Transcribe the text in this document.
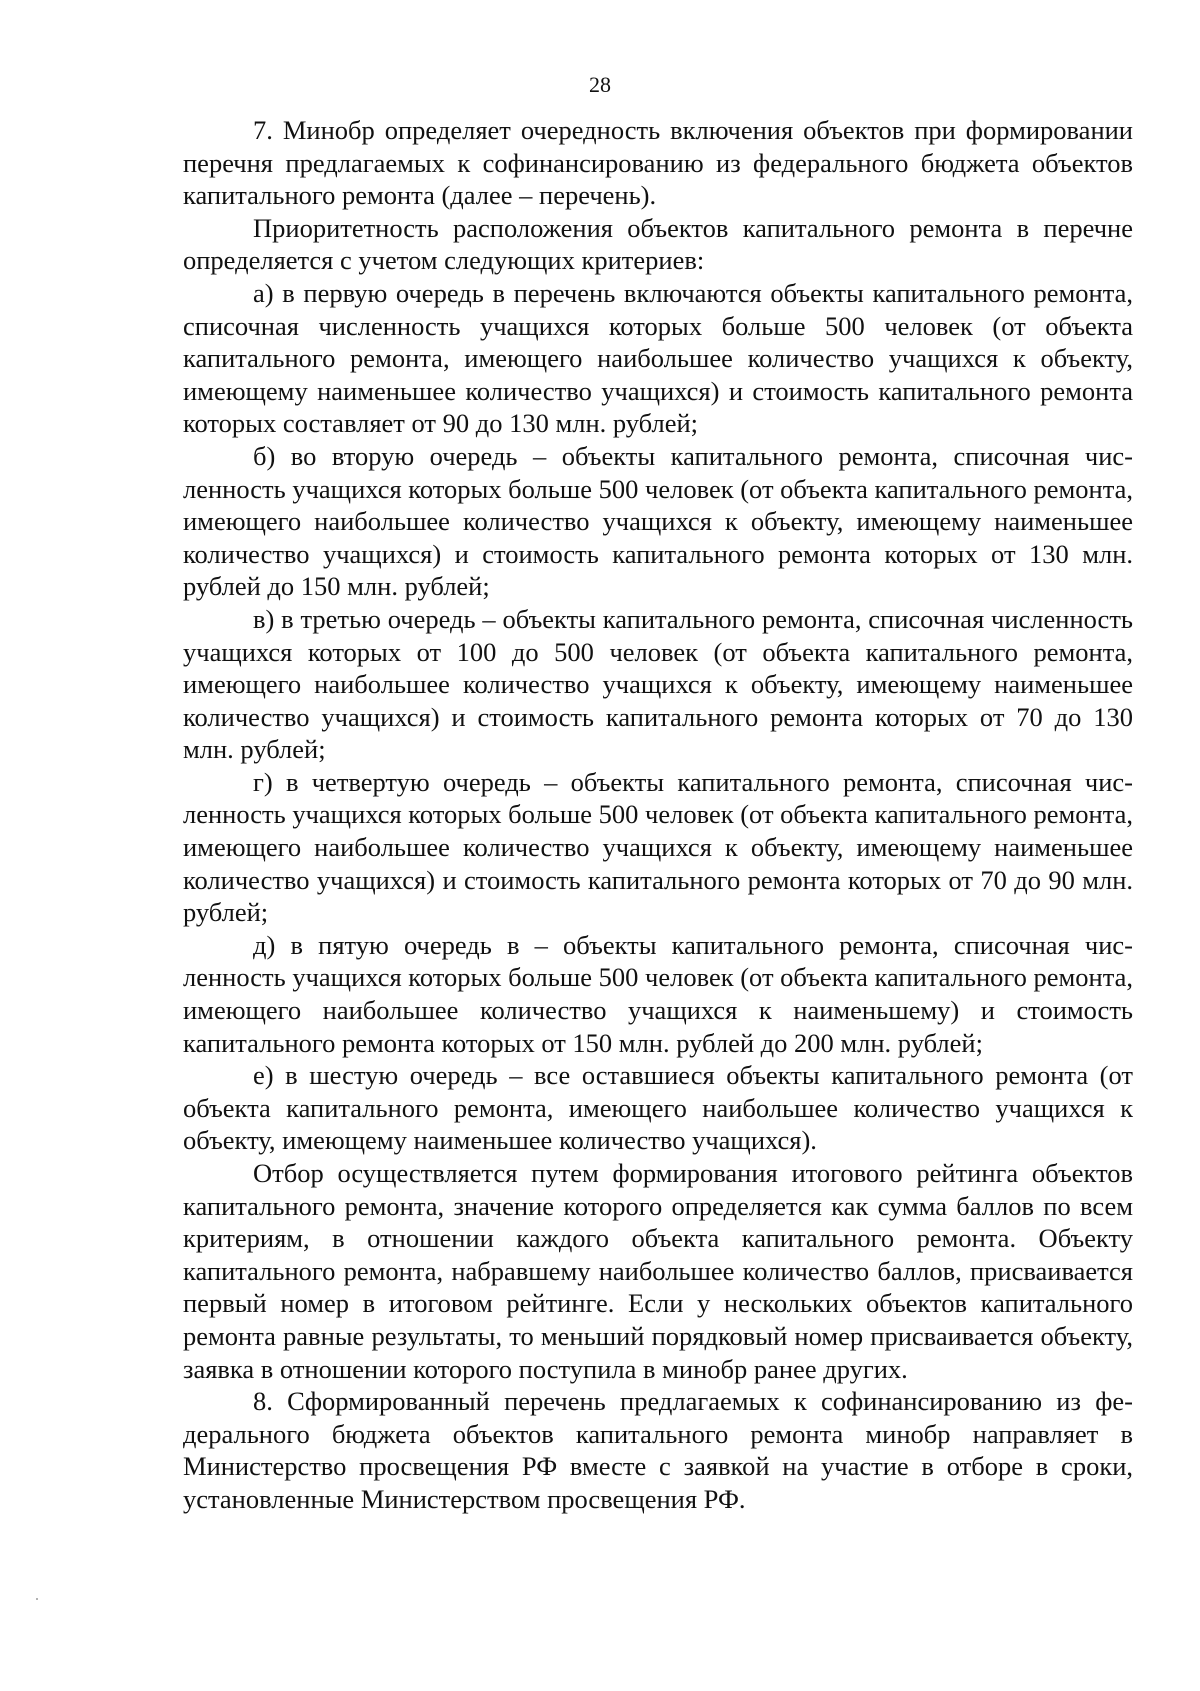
28

7. Минобр определяет очередность включения объектов при формировании перечня предлагаемых к софинансированию из федерального бюджета объектов капитального ремонта (далее – перечень).

Приоритетность расположения объектов капитального ремонта в перечне определяется с учетом следующих критериев:

а) в первую очередь в перечень включаются объекты капитального ремонта, списочная численность учащихся которых больше 500 человек (от объекта капитального ремонта, имеющего наибольшее количество учащихся к объекту, имеющему наименьшее количество учащихся) и стоимость капитального ремонта которых составляет от 90 до 130 млн. рублей;

б) во вторую очередь – объекты капитального ремонта, списочная численность учащихся которых больше 500 человек (от объекта капитального ремонта, имеющего наибольшее количество учащихся к объекту, имеющему наименьшее количество учащихся) и стоимость капитального ремонта которых от 130 млн. рублей до 150 млн. рублей;

в) в третью очередь – объекты капитального ремонта, списочная численность учащихся которых от 100 до 500 человек (от объекта капитального ремонта, имеющего наибольшее количество учащихся к объекту, имеющему наименьшее количество учащихся) и стоимость капитального ремонта которых от 70 до 130 млн. рублей;

г) в четвертую очередь – объекты капитального ремонта, списочная численность учащихся которых больше 500 человек (от объекта капитального ремонта, имеющего наибольшее количество учащихся к объекту, имеющему наименьшее количество учащихся) и стоимость капитального ремонта которых от 70 до 90 млн. рублей;

д) в пятую очередь в – объекты капитального ремонта, списочная численность учащихся которых больше 500 человек (от объекта капитального ремонта, имеющего наибольшее количество учащихся к наименьшему) и стоимость капитального ремонта которых от 150 млн. рублей до 200 млн. рублей;

е) в шестую очередь – все оставшиеся объекты капитального ремонта (от объекта капитального ремонта, имеющего наибольшее количество учащихся к объекту, имеющему наименьшее количество учащихся).

Отбор осуществляется путем формирования итогового рейтинга объектов капитального ремонта, значение которого определяется как сумма баллов по всем критериям, в отношении каждого объекта капитального ремонта. Объекту капитального ремонта, набравшему наибольшее количество баллов, присваивается первый номер в итоговом рейтинге. Если у нескольких объектов капитального ремонта равные результаты, то меньший порядковый номер присваивается объекту, заявка в отношении которого поступила в минобр ранее других.

8. Сформированный перечень предлагаемых к софинансированию из федерального бюджета объектов капитального ремонта минобр направляет в Министерство просвещения РФ вместе с заявкой на участие в отборе в сроки, установленные Министерством просвещения РФ.
